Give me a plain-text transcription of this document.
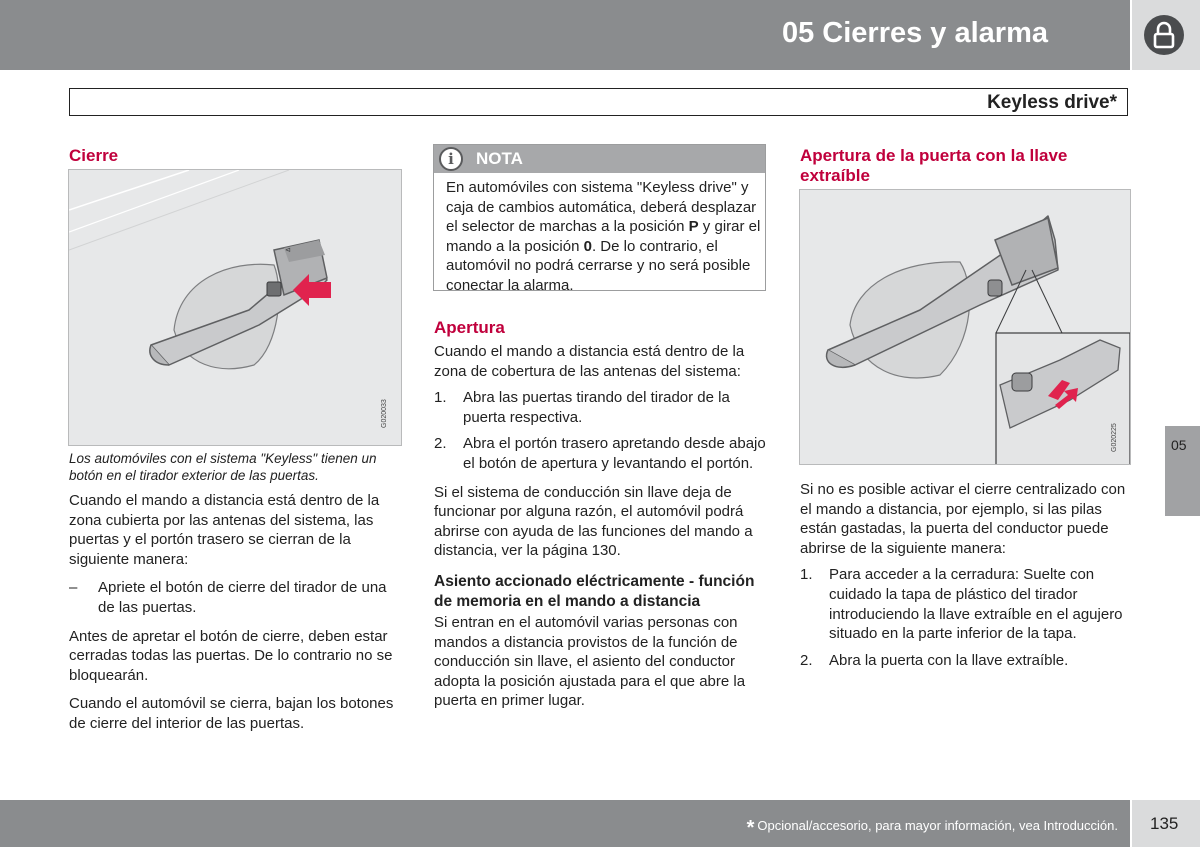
05 Cierres y alarma
Keyless drive*
Cierre
⊲
G020033
Los automóviles con el sistema "Keyless" tienen un botón en el tirador exterior de las puertas.

Cuando el mando a distancia está dentro de la zona cubierta por las antenas del sistema, las puertas y el portón trasero se cierran de la siguiente manera:

– Apriete el botón de cierre del tirador de una de las puertas.

Antes de apretar el botón de cierre, deben estar cerradas todas las puertas. De lo contrario no se bloquearán.

Cuando el automóvil se cierra, bajan los botones de cierre del interior de las puertas.

i	NOTA
En automóviles con sistema "Keyless drive" y caja de cambios automática, deberá desplazar el selector de marchas a la posición P y girar el mando a la posición 0. De lo contrario, el automóvil no podrá cerrarse y no será posible conectar la alarma.
Apertura

Cuando el mando a distancia está dentro de la zona de cobertura de las antenas del sistema:

1. Abra las puertas tirando del tirador de la puerta respectiva.
2. Abra el portón trasero apretando desde abajo el botón de apertura y levantando el portón.

Si el sistema de conducción sin llave deja de funcionar por alguna razón, el automóvil podrá abrirse con ayuda de las funciones del mando a distancia, ver la página 130.

Asiento accionado eléctricamente - función de memoria en el mando a distancia

Si entran en el automóvil varias personas con mandos a distancia provistos de la función de conducción sin llave, el asiento del conductor adopta la posición ajustada para el que abre la puerta en primer lugar.

Apertura de la puerta con la llave extraíble
G020225

Si no es posible activar el cierre centralizado con el mando a distancia, por ejemplo, si las pilas están gastadas, la puerta del conductor puede abrirse de la siguiente manera:

1. Para acceder a la cerradura: Suelte con cuidado la tapa de plástico del tirador introduciendo la llave extraíble en el agujero situado en la parte inferior de la tapa.
2. Abra la puerta con la llave extraíble.
05
* Opcional/accesorio, para mayor información, vea Introducción. 135
